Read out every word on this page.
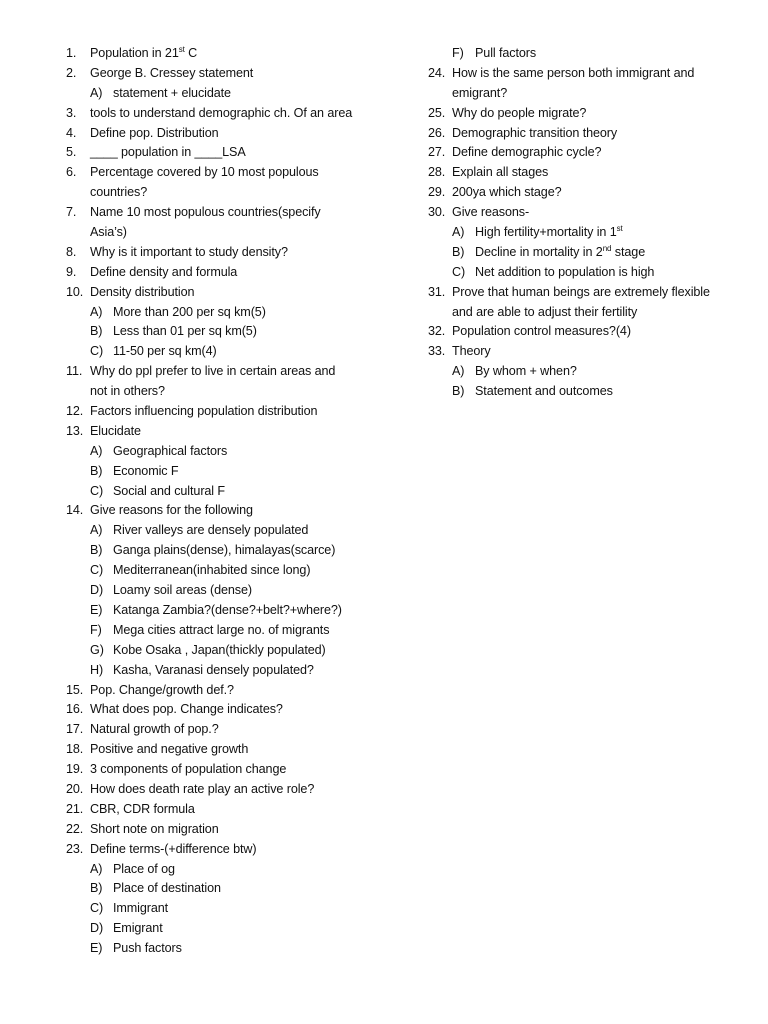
1.	Population in 21st C
2.	George B. Cressey statement
A) statement + elucidate
3.	tools to understand demographic ch. Of an area
4.	Define pop. Distribution
5.	____ population in ____LSA
6.	Percentage covered by 10 most populous
countries?
7.	Name 10 most populous countries(specify
Asia’s)
8.	Why is it important to study density?
9.	Define density and formula
10. Density distribution
A) More than 200 per sq km(5)
B) Less than 01 per sq km(5)
C) 11-50 per sq km(4)
11. Why do ppl prefer to live in certain areas and
not in others?
12. Factors influencing population distribution
13. Elucidate
A) Geographical factors
B) Economic F
C) Social and cultural F
14. Give reasons for the following
A) River valleys are densely populated
B) Ganga plains(dense), himalayas(scarce)
C) Mediterranean(inhabited since long)
D) Loamy soil areas (dense)
E) Katanga Zambia?(dense?+belt?+where?)
F) Mega cities attract large no. of migrants
G) Kobe Osaka , Japan(thickly populated)
H) Kasha, Varanasi densely populated?
15. Pop. Change/growth def.?
16. What does pop. Change indicates?
17. Natural growth of pop.?
18. Positive and negative growth
19. 3 components of population change
20. How does death rate play an active role?
21. CBR, CDR formula
22. Short note on migration
23. Define terms-(+difference btw)
A) Place of og
B) Place of destination
C) Immigrant
D) Emigrant
E) Push factors
F) Pull factors
24. How is the same person both immigrant and
emigrant?
25. Why do people migrate?
26. Demographic transition theory
27. Define demographic cycle?
28. Explain all stages
29. 200ya which stage?
30. Give reasons-
A) High fertility+mortality in 1st
B) Decline in mortality in 2nd stage
C) Net addition to population is high
31. Prove that human beings are extremely flexible
and are able to adjust their fertility
32. Population control measures?(4)
33. Theory
A) By whom + when?
B) Statement and outcomes
